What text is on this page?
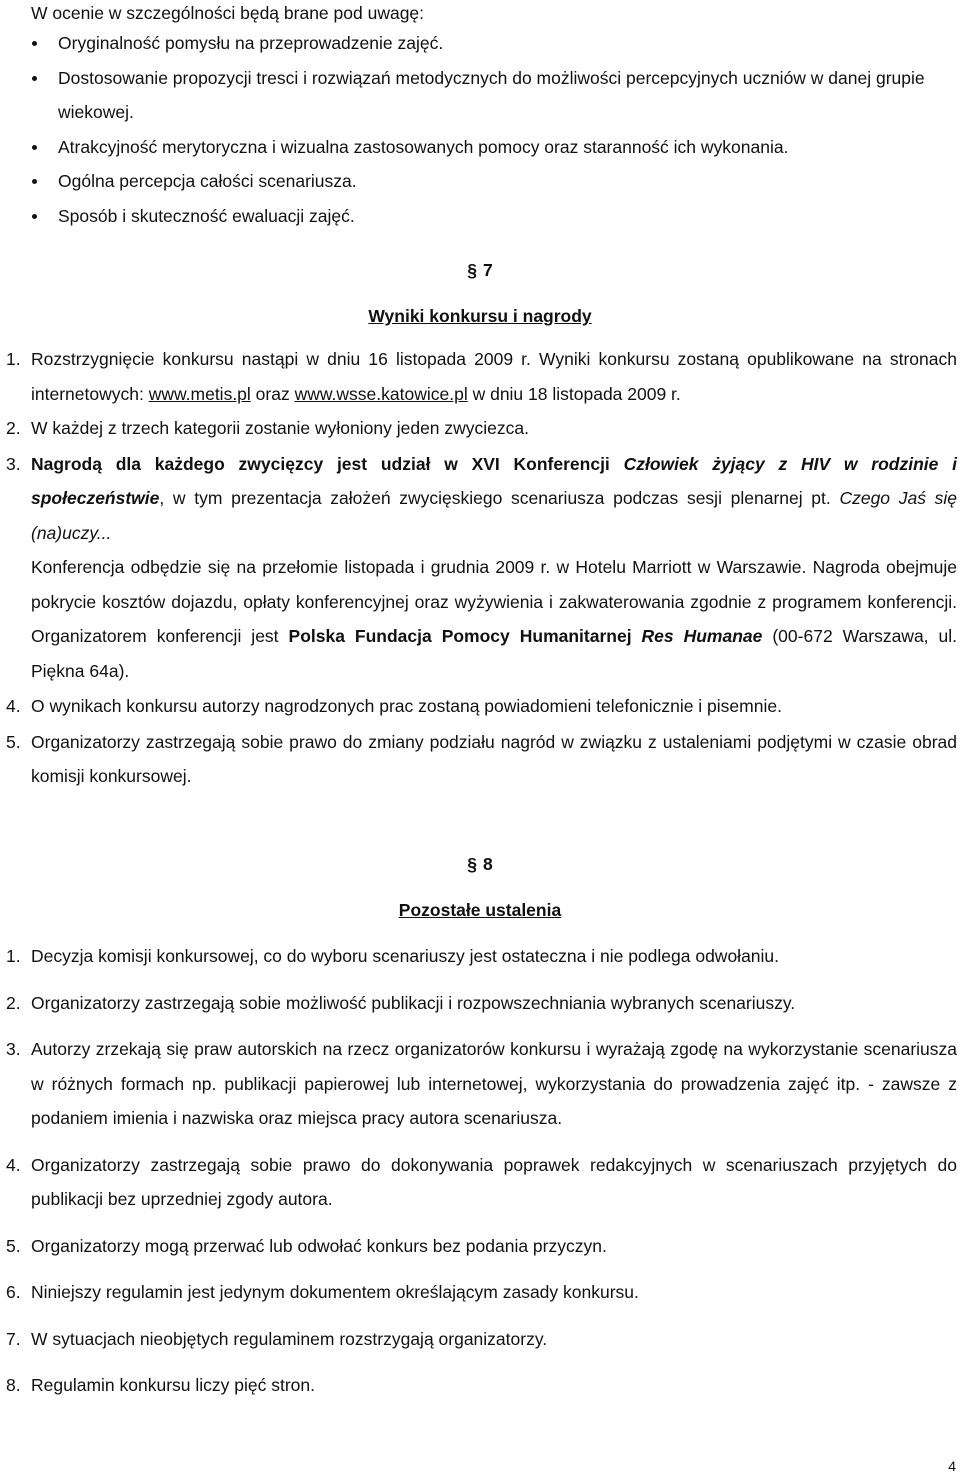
W ocenie w szczególności będą brane pod uwagę:

Oryginalność pomysłu na przeprowadzenie zajęć.
Dostosowanie propozycji tresci i rozwiązań metodycznych do możliwości percepcyjnych uczniów w danej grupie wiekowej.
Atrakcyjność merytoryczna i wizualna zastosowanych pomocy oraz staranność ich wykonania.
Ogólna percepcja całości scenariusza.
Sposób i skuteczność ewaluacji zajęć.
§ 7
Wyniki konkursu i nagrody
1. Rozstrzygnięcie konkursu nastąpi w dniu 16 listopada 2009 r. Wyniki konkursu zostaną opublikowane na stronach internetowych: www.metis.pl oraz www.wsse.katowice.pl w dniu 18 listopada 2009 r.

2. W każdej z trzech kategorii zostanie wyłoniony jeden zwyciezca.

3. Nagrodą dla każdego zwycięzcy jest udział w XVI Konferencji Człowiek żyjący z HIV w rodzinie i społeczeństwie, w tym prezentacja założeń zwycięskiego scenariusza podczas sesji plenarnej pt. Czego Jaś się (na)uczy...

Konferencja odbędzie się na przełomie listopada i grudnia 2009 r. w Hotelu Marriott w Warszawie. Nagroda obejmuje pokrycie kosztów dojazdu, opłaty konferencyjnej oraz wyżywienia i zakwaterowania zgodnie z programem konferencji. Organizatorem konferencji jest Polska Fundacja Pomocy Humanitarnej Res Humanae (00-672 Warszawa, ul. Piękna 64a).

4. O wynikach konkursu autorzy nagrodzonych prac zostaną powiadomieni telefonicznie i pisemnie.

5. Organizatorzy zastrzegają sobie prawo do zmiany podziału nagród w związku z ustaleniami podjętymi w czasie obrad komisji konkursowej.

§ 8
Pozostałe ustalenia
1. Decyzja komisji konkursowej, co do wyboru scenariuszy jest ostateczna i nie podlega odwołaniu.

2. Organizatorzy zastrzegają sobie możliwość publikacji i rozpowszechniania wybranych scenariuszy.

3. Autorzy zrzekają się praw autorskich na rzecz organizatorów konkursu i wyrażają zgodę na wykorzystanie scenariusza w różnych formach np. publikacji papierowej lub internetowej, wykorzystania do prowadzenia zajęć itp. - zawsze z podaniem imienia i nazwiska oraz miejsca pracy autora scenariusza.

4. Organizatorzy zastrzegają sobie prawo do dokonywania poprawek redakcyjnych w scenariuszach przyjętych do publikacji bez uprzedniej zgody autora.

5. Organizatorzy mogą przerwać lub odwołać konkurs bez podania przyczyn.

6. Niniejszy regulamin jest jedynym dokumentem określającym zasady konkursu.

7. W sytuacjach nieobjętych regulaminem rozstrzygają organizatorzy.

8. Regulamin konkursu liczy pięć stron.

4
